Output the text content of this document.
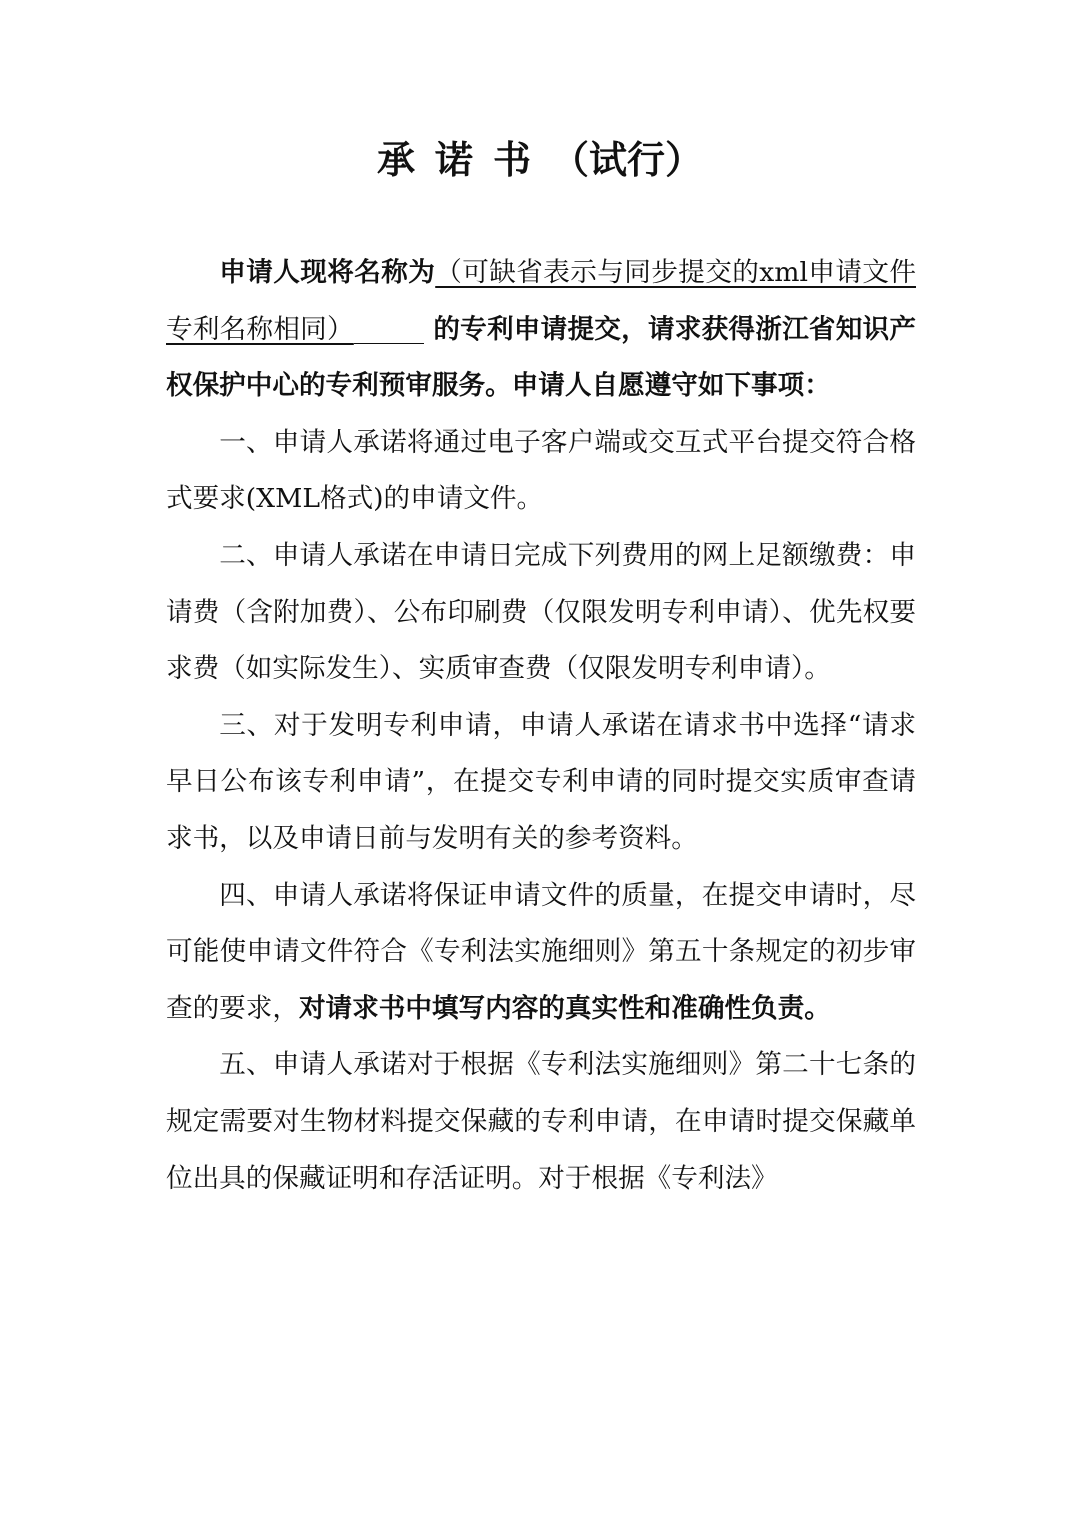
承诺书（试行）

申请人现将名称为（可缺省表示与同步提交的xml申请文件专利名称相同）	的专利申请提交，请求获得浙江省知识产权保护中心的专利预审服务。申请人自愿遵守如下事项：

一、申请人承诺将通过电子客户端或交互式平台提交符合格式要求(XML格式)的申请文件。

二、申请人承诺在申请日完成下列费用的网上足额缴费：申请费（含附加费）、公布印刷费（仅限发明专利申请）、优先权要求费（如实际发生）、实质审查费（仅限发明专利申请）。

三、对于发明专利申请，申请人承诺在请求书中选择“请求早日公布该专利申请”，在提交专利申请的同时提交实质审查请求书，以及申请日前与发明有关的参考资料。

四、申请人承诺将保证申请文件的质量，在提交申请时，尽可能使申请文件符合《专利法实施细则》第五十条规定的初步审查的要求，对请求书中填写内容的真实性和准确性负责。

五、申请人承诺对于根据《专利法实施细则》第二十七条的规定需要对生物材料提交保藏的专利申请，在申请时提交保藏单位出具的保藏证明和存活证明。对于根据《专利法》
